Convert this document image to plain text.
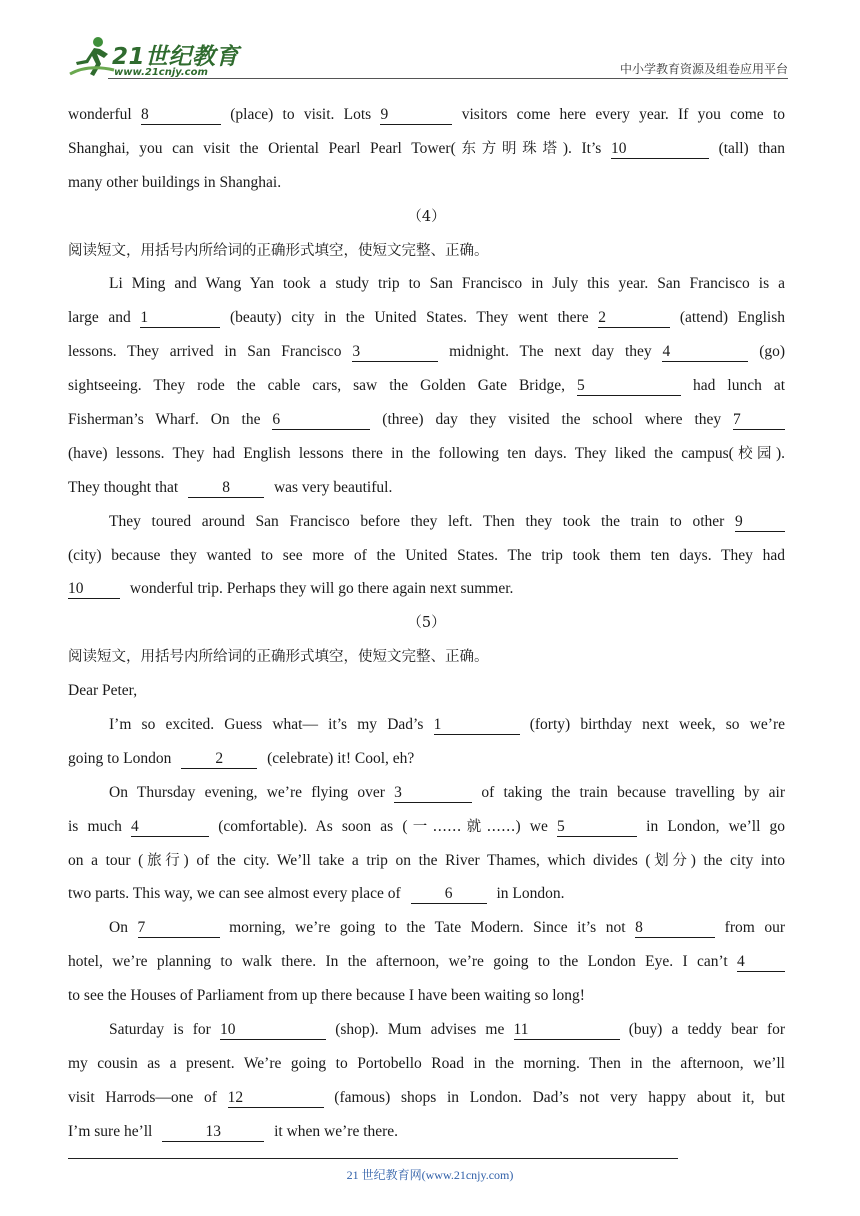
21世纪教育
www.21cnjy.com	中小学教育资源及组卷应用平台
wonderful 8	(place) to visit. Lots 9	visitors come here every year. If you come to
Shanghai, you can visit the Oriental Pearl Pearl Tower(东方明珠塔). It’s 10	(tall) than
many other buildings in Shanghai.
（4）
阅读短文，用括号内所给词的正确形式填空，使短文完整、正确。
Li Ming and Wang Yan took a study trip to San Francisco in July this year. San Francisco is a
large and 1	(beauty) city in the United States. They went there 2	(attend) English
lessons. They arrived in San Francisco 3	midnight. The next day they 4	(go)
sightseeing. They rode the cable cars, saw the Golden Gate Bridge, 5	had lunch at
Fisherman’s Wharf. On the 6	(three) day they visited the school where they 7
(have) lessons. They had English lessons there in the following ten days. They liked the campus(校园).
They thought that	8	was very beautiful.
They toured around San Francisco before they left. Then they took the train to other 9
(city) because they wanted to see more of the United States. The trip took them ten days. They had
10	wonderful trip. Perhaps they will go there again next summer.
（5）
阅读短文，用括号内所给词的正确形式填空，使短文完整、正确。
Dear Peter,
I’m so excited. Guess what— it’s my Dad’s 1	(forty) birthday next week, so we’re
going to London	2	(celebrate) it! Cool, eh?
On Thursday evening, we’re flying over 3	of taking the train because travelling by air
is much 4	(comfortable). As soon as (一……就……) we 5	in London, we’ll go
on a tour (旅行) of the city. We’ll take a trip on the River Thames, which divides (划分) the city into
two parts. This way, we can see almost every place of	6	in London.
On 7	morning, we’re going to the Tate Modern. Since it’s not 8	from our
hotel, we’re planning to walk there. In the afternoon, we’re going to the London Eye. I can’t 4
to see the Houses of Parliament from up there because I have been waiting so long!
Saturday is for 10	(shop). Mum advises me 11	(buy) a teddy bear for
my cousin as a present. We’re going to Portobello Road in the morning. Then in the afternoon, we’ll
visit Harrods—one of 12	(famous) shops in London. Dad’s not very happy about it, but
I’m sure he’ll	13	it when we’re there.
21 世纪教育网(www.21cnjy.com)
